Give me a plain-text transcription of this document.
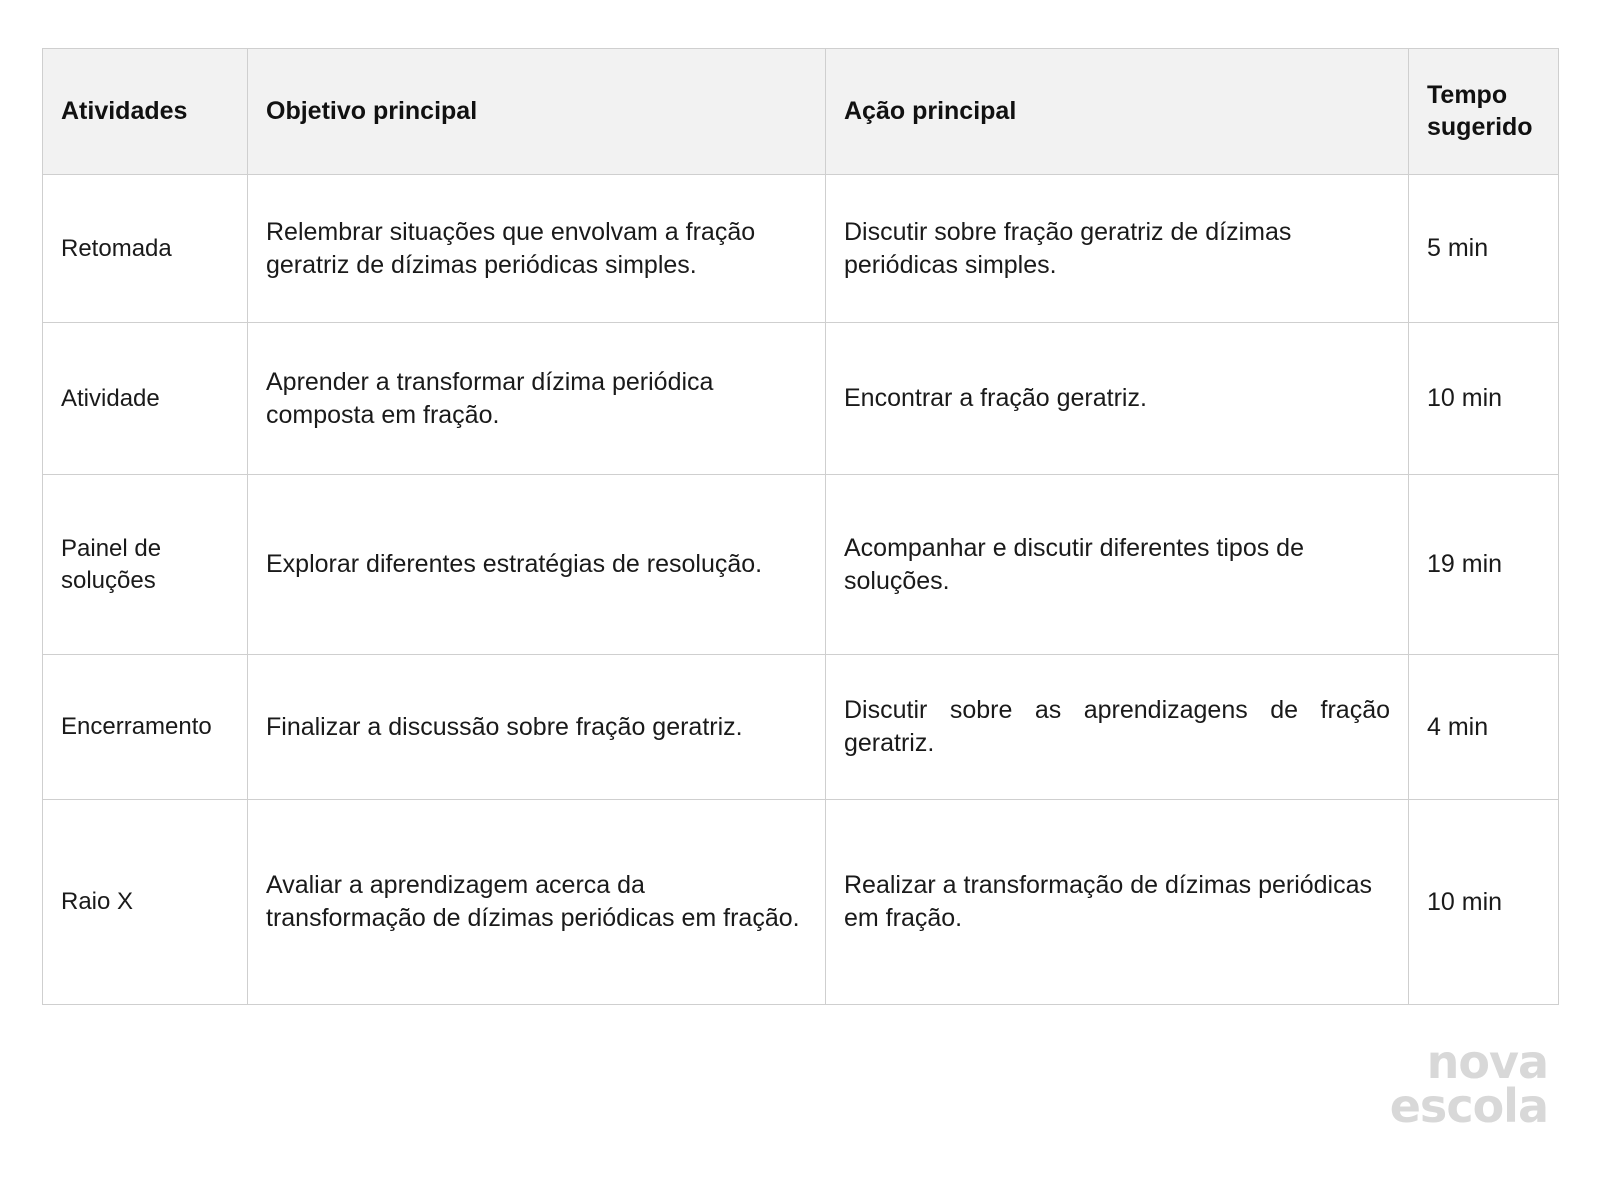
Atividades	Objetivo principal	Ação principal	Tempo sugerido
Retomada	Relembrar situações que envolvam a fração geratriz de dízimas periódicas simples.	Discutir sobre fração geratriz de dízimas periódicas simples.	5 min
Atividade	Aprender a transformar dízima periódica composta em fração.	Encontrar a fração geratriz.	10 min
Painel de soluções	Explorar diferentes estratégias de resolução.	Acompanhar e discutir diferentes tipos de soluções.	19 min
Encerramento	Finalizar a discussão sobre fração geratriz.	Discutir sobre as aprendizagens de fração geratriz.	4 min
Raio X	Avaliar a aprendizagem acerca da transformação de dízimas periódicas em fração.	Realizar a transformação de dízimas periódicas em fração.	10 min
nova
escola
